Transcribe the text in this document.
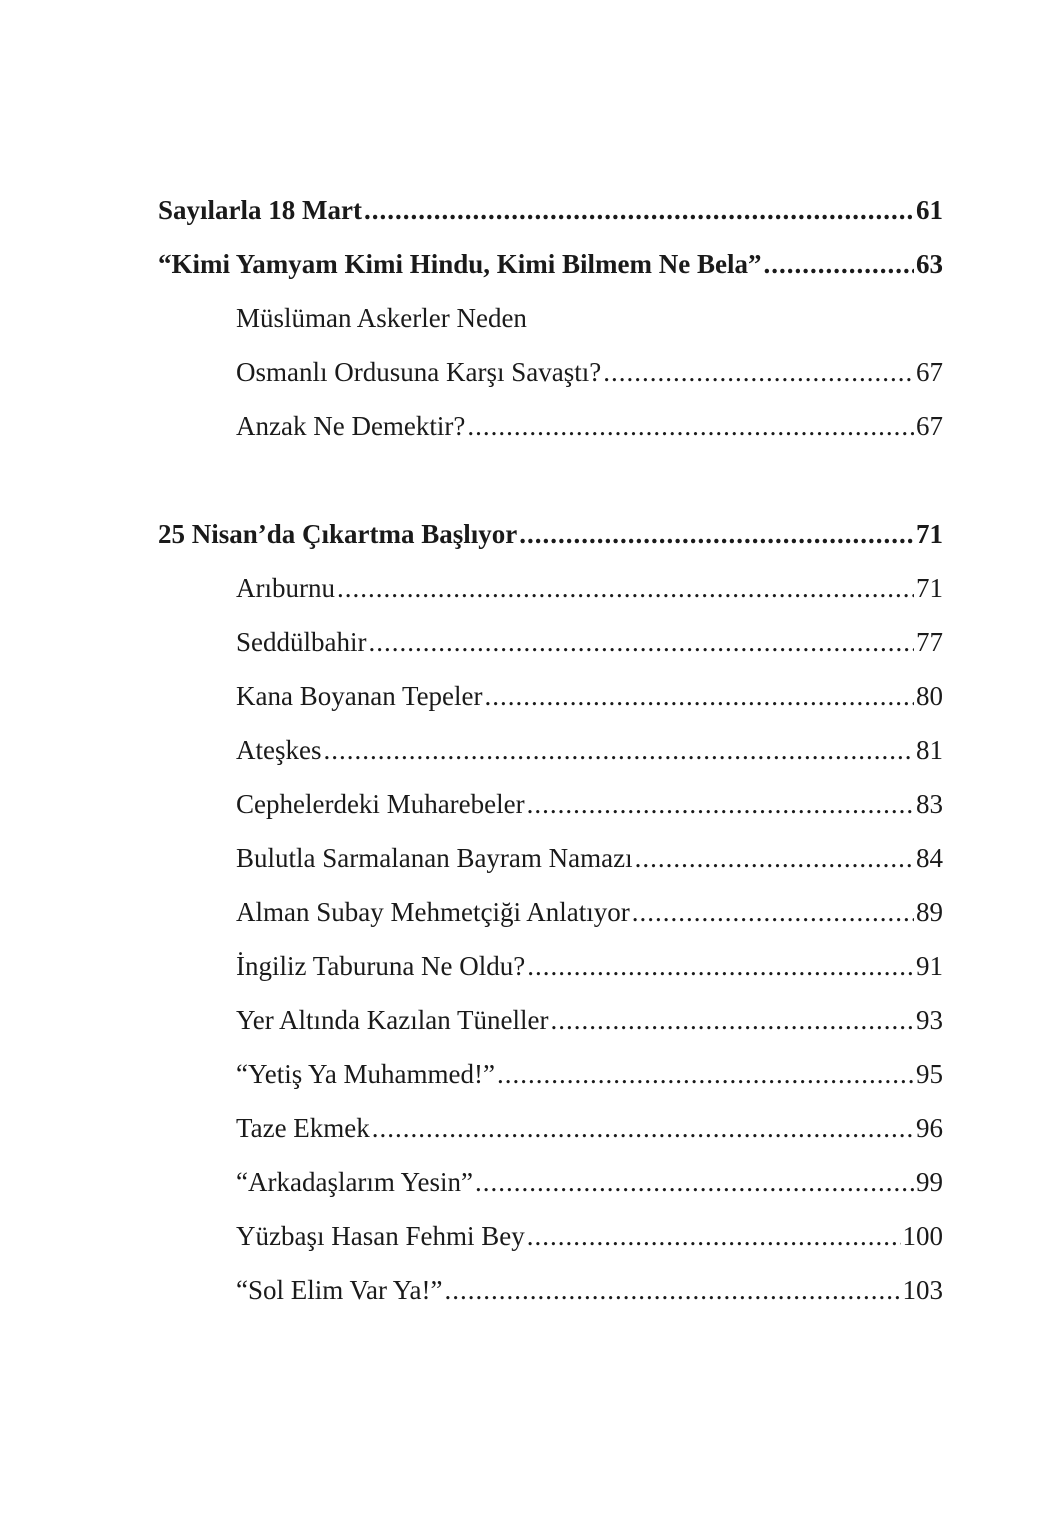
Sayılarla 18 Mart .....	61
“Kimi Yamyam Kimi Hindu, Kimi Bilmem Ne Bela” .....	63
Müslüman Askerler Neden
Osmanlı Ordusuna Karşı Savaştı? .....	67
Anzak Ne Demektir? .....	67
25 Nisan’da Çıkartma Başlıyor .....	71
Arıburnu .....	71
Seddülbahir .....	77
Kana Boyanan Tepeler .....	80
Ateşkes .....	81
Cephelerdeki Muharebeler .....	83
Bulutla Sarmalanan Bayram Namazı .....	84
Alman Subay Mehmetçiği Anlatıyor .....	89
İngiliz Taburuna Ne Oldu? .....	91
Yer Altında Kazılan Tüneller .....	93
“Yetiş Ya Muhammed!” .....	95
Taze Ekmek .....	96
“Arkadaşlarım Yesin” .....	99
Yüzbaşı Hasan Fehmi Bey .....	100
“Sol Elim Var Ya!” .....	103
